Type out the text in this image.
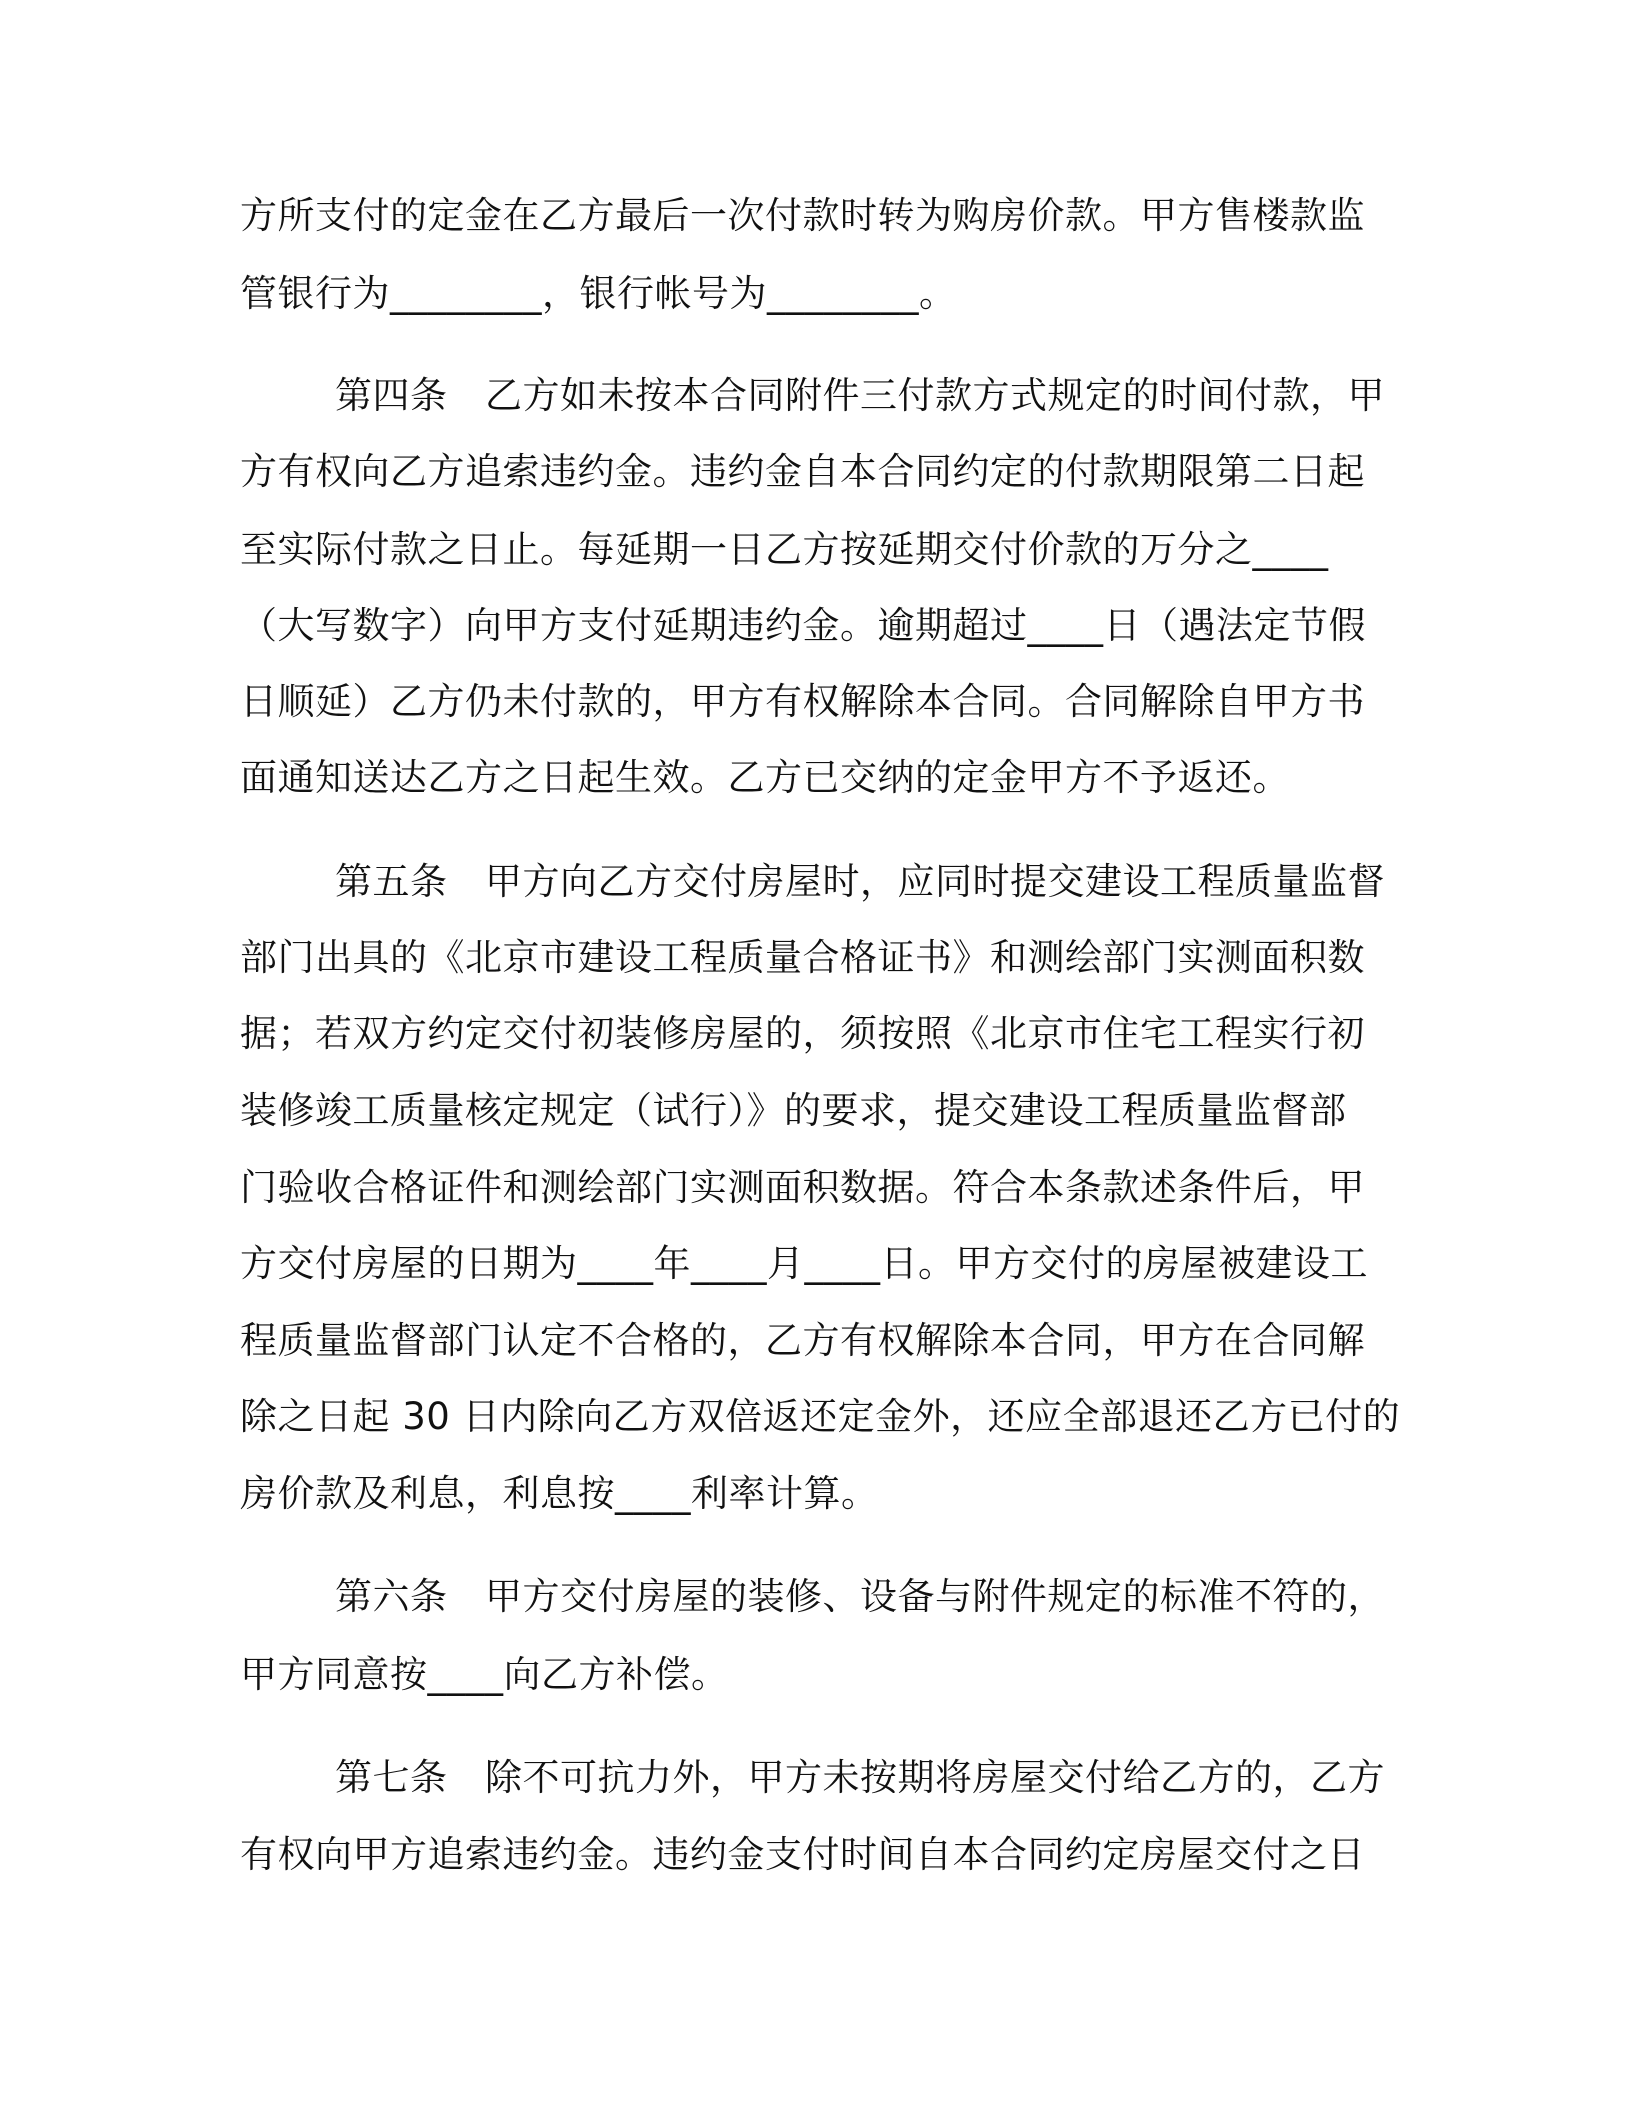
方所支付的定金在乙方最后一次付款时转为购房价款。甲方售楼款监
管银行为________，银行帐号为________。
第四条　乙方如未按本合同附件三付款方式规定的时间付款，甲
方有权向乙方追索违约金。违约金自本合同约定的付款期限第二日起
至实际付款之日止。每延期一日乙方按延期交付价款的万分之____
（大写数字）向甲方支付延期违约金。逾期超过____日（遇法定节假
日顺延）乙方仍未付款的，甲方有权解除本合同。合同解除自甲方书
面通知送达乙方之日起生效。乙方已交纳的定金甲方不予返还。
第五条　甲方向乙方交付房屋时，应同时提交建设工程质量监督
部门出具的《北京市建设工程质量合格证书》和测绘部门实测面积数
据；若双方约定交付初装修房屋的，须按照《北京市住宅工程实行初
装修竣工质量核定规定（试行）》的要求，提交建设工程质量监督部
门验收合格证件和测绘部门实测面积数据。符合本条款述条件后，甲
方交付房屋的日期为____年____月____日。甲方交付的房屋被建设工
程质量监督部门认定不合格的，乙方有权解除本合同，甲方在合同解
除之日起 30 日内除向乙方双倍返还定金外，还应全部退还乙方已付的
房价款及利息，利息按____利率计算。
第六条　甲方交付房屋的装修、设备与附件规定的标准不符的，
甲方同意按____向乙方补偿。
第七条　除不可抗力外，甲方未按期将房屋交付给乙方的，乙方
有权向甲方追索违约金。违约金支付时间自本合同约定房屋交付之日
